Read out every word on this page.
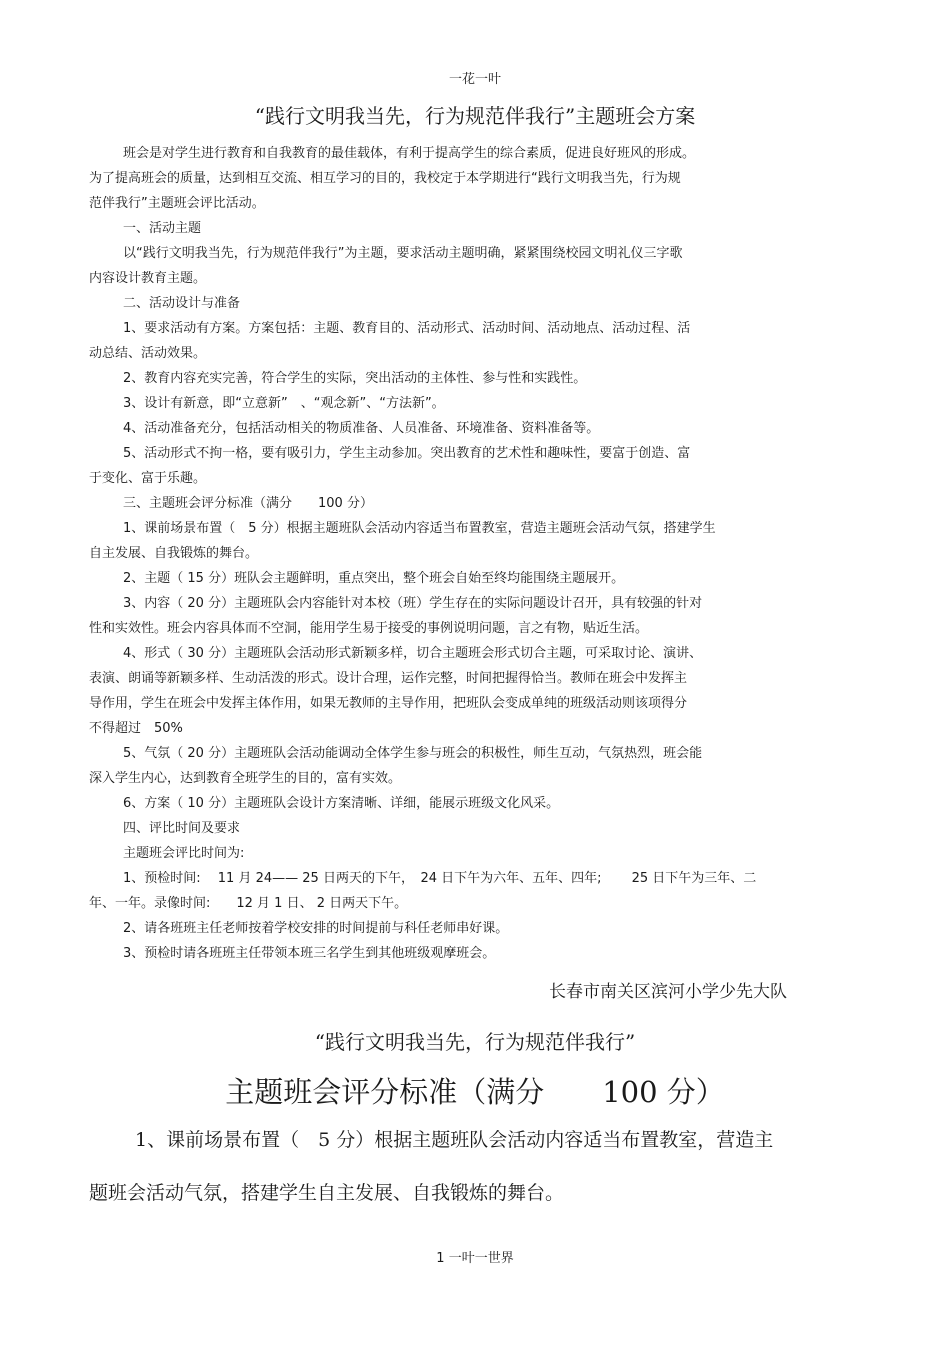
一花一叶
“践行文明我当先，行为规范伴我行”主题班会方案
班会是对学生进行教育和自我教育的最佳载体，有利于提高学生的综合素质，促进良好班风的形成。
为了提高班会的质量，达到相互交流、相互学习的目的，我校定于本学期进行“践行文明我当先，行为规
范伴我行”主题班会评比活动。
一、活动主题
以“践行文明我当先，行为规范伴我行”为主题，要求活动主题明确，紧紧围绕校园文明礼仪三字歌
内容设计教育主题。
二、活动设计与准备
1、要求活动有方案。方案包括：主题、教育目的、活动形式、活动时间、活动地点、活动过程、活
动总结、活动效果。
2、教育内容充实完善，符合学生的实际，突出活动的主体性、参与性和实践性。
3、设计有新意，即“立意新”　、“观念新”、“方法新”。
4、活动准备充分，包括活动相关的物质准备、人员准备、环境准备、资料准备等。
5、活动形式不拘一格，要有吸引力，学生主动参加。突出教育的艺术性和趣味性，要富于创造、富
于变化、富于乐趣。
三、主题班会评分标准（满分　　100 分）
1、课前场景布置（　5 分）根据主题班队会活动内容适当布置教室，营造主题班会活动气氛，搭建学生
自主发展、自我锻炼的舞台。
2、主题（ 15 分）班队会主题鲜明，重点突出，整个班会自始至终均能围绕主题展开。
3、内容（ 20 分）主题班队会内容能针对本校（班）学生存在的实际问题设计召开，具有较强的针对
性和实效性。班会内容具体而不空洞，能用学生易于接受的事例说明问题，言之有物，贴近生活。
4、形式（ 30 分）主题班队会活动形式新颖多样，切合主题班会形式切合主题，可采取讨论、演讲、
表演、朗诵等新颖多样、生动活泼的形式。设计合理，运作完整，时间把握得恰当。教师在班会中发挥主
导作用，学生在班会中发挥主体作用，如果无教师的主导作用，把班队会变成单纯的班级活动则该项得分
不得超过　50%
5、气氛（ 20 分）主题班队会活动能调动全体学生参与班会的积极性，师生互动，气氛热烈，班会能
深入学生内心，达到教育全班学生的目的，富有实效。
6、方案（ 10 分）主题班队会设计方案清晰、详细，能展示班级文化风采。
四、评比时间及要求
主题班会评比时间为:
1、预检时间:　 11 月 24—— 25 日两天的下午，　24 日下午为六年、五年、四年;　　 25 日下午为三年、二
年、一年。录像时间:　　12 月 1 日、 2 日两天下午。
2、请各班班主任老师按着学校安排的时间提前与科任老师串好课。
3、预检时请各班班主任带领本班三名学生到其他班级观摩班会。
长春市南关区滨河小学少先大队
“践行文明我当先，行为规范伴我行”
主题班会评分标准（满分　　100 分）
1、课前场景布置（　5 分）根据主题班队会活动内容适当布置教室，营造主
题班会活动气氛，搭建学生自主发展、自我锻炼的舞台。
1 一叶一世界
